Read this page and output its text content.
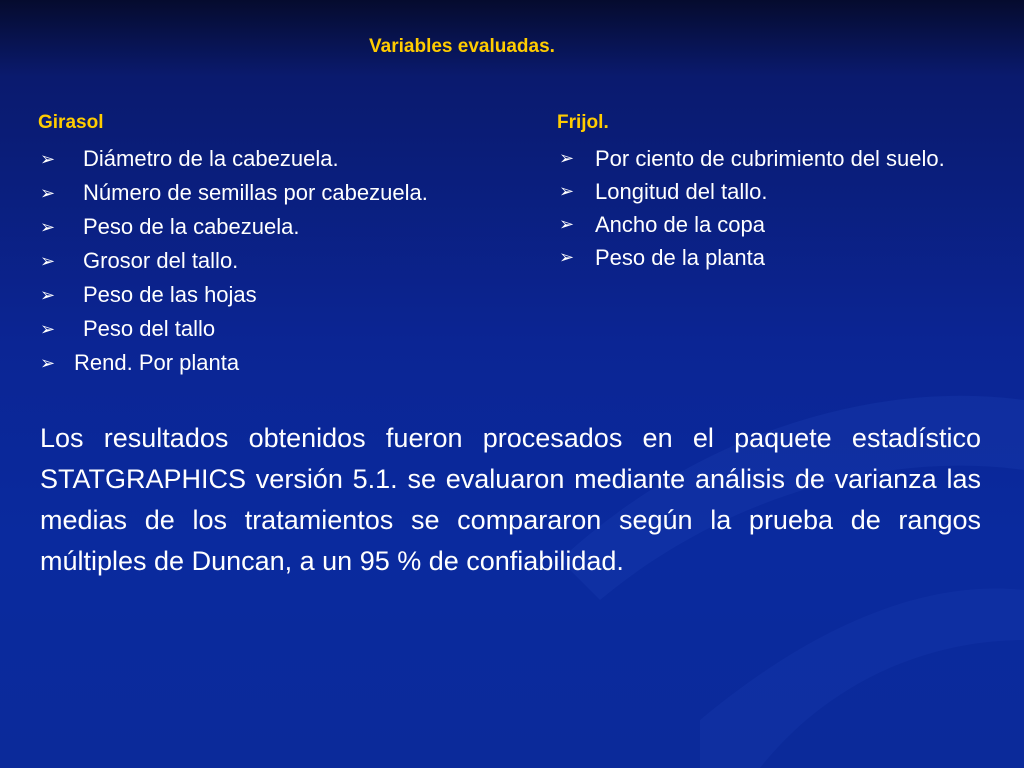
Variables evaluadas.
Girasol
➢ Diámetro de la cabezuela.
➢ Número de semillas por cabezuela.
➢ Peso de la cabezuela.
➢ Grosor del tallo.
➢ Peso de las hojas
➢ Peso del tallo
➢ Rend. Por planta
Frijol.
➢ Por ciento de cubrimiento del suelo.
➢ Longitud del tallo.
➢ Ancho de la copa
➢ Peso de la planta
Los resultados obtenidos fueron procesados en el paquete estadístico STATGRAPHICS versión 5.1. se evaluaron mediante análisis de varianza las medias de los tratamientos se compararon según la prueba de rangos múltiples de Duncan, a un 95 % de confiabilidad.
